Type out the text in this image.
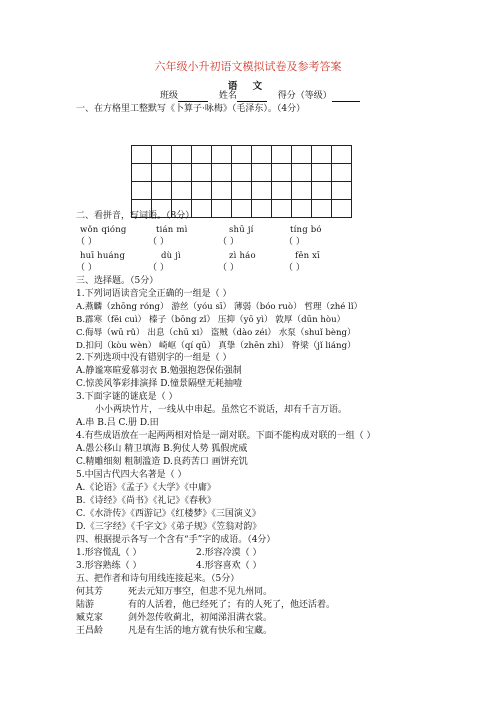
六年级小升初语文模拟试卷及参考答案
语 文
班级	姓名	得分（等级）
一、在方格里工整默写《卜算子·咏梅》（毛泽东）。（4分）

二、看拼音，写词语。（8分）
wǒn qióng	tián mì	shū jí	tíng bó
（ ）	（ ）	（ ）	（ ）
huī huáng	dù jì	zì háo	fēn xī
（ ）	（ ）	（ ）	（ ）
三、选择题。（5分）
1.下列词语读音完全正确的一组是（ ）
A.燕麟（zhōng róng） 游丝（yóu sī） 薄弱（bóo ruò） 哲理（zhé lǐ）
B.霹寒（fēi cuì） 榛子（bōng zǐ） 压抑（yō yì） 敦厚（dūn hòu）
C.侮辱（wū rǔ） 出息（chū xi） 盗贼（dào zéi） 水泵（shuǐ bèng）
D.扣问（kòu wèn） 崎岖（qí qū） 真挚（zhēn zhì） 脊梁（jǐ liáng）
2.下列选项中没有错别字的一组是（ ）
A.静谧寒暄爱慕羽衣 B.勉强抱怨保佑强制
C.惊羡风筝彩排演择 D.憧景隔壁无耗抽噎
3.下面字谜的谜底是（ ）
小小两块竹片，一线从中串起。虽然它不说话，却有千言万语。
A.串 B.吕 C.册 D.田
4.有些成语放在一起两两相对恰是一副对联。下面不能构成对联的一组（ ）
A.愚公移山 精卫填海 B.狗仗人势 狐假虎威
C.精雕细刻 粗制滥造 D.良药苦口 画饼充饥
5.中国古代四大名著是（ ）
A.《论语》《孟子》《大学》《中庸》
B.《诗经》《尚书》《礼记》《春秋》
C.《水浒传》《西游记》《红楼梦》《三国演义》
D.《三字经》《千字文》《弟子规》《笠翁对韵》
四、根据提示各写一个含有“手”字的成语。（4分）
1.形容慌乱（ ）	2.形容冷漠（ ）
3.形容熟练（ ）	4.形容喜欢（ ）
五、把作者和诗句用线连接起来。（5分）
何其芳	死去元知万事空，但悲不见九州同。
陆游	有的人活着，他已经死了；有的人死了，他还活着。
臧克家	剑外忽传收蓟北，初闻涕泪满衣裳。
王昌龄	凡是有生活的地方就有快乐和宝藏。
